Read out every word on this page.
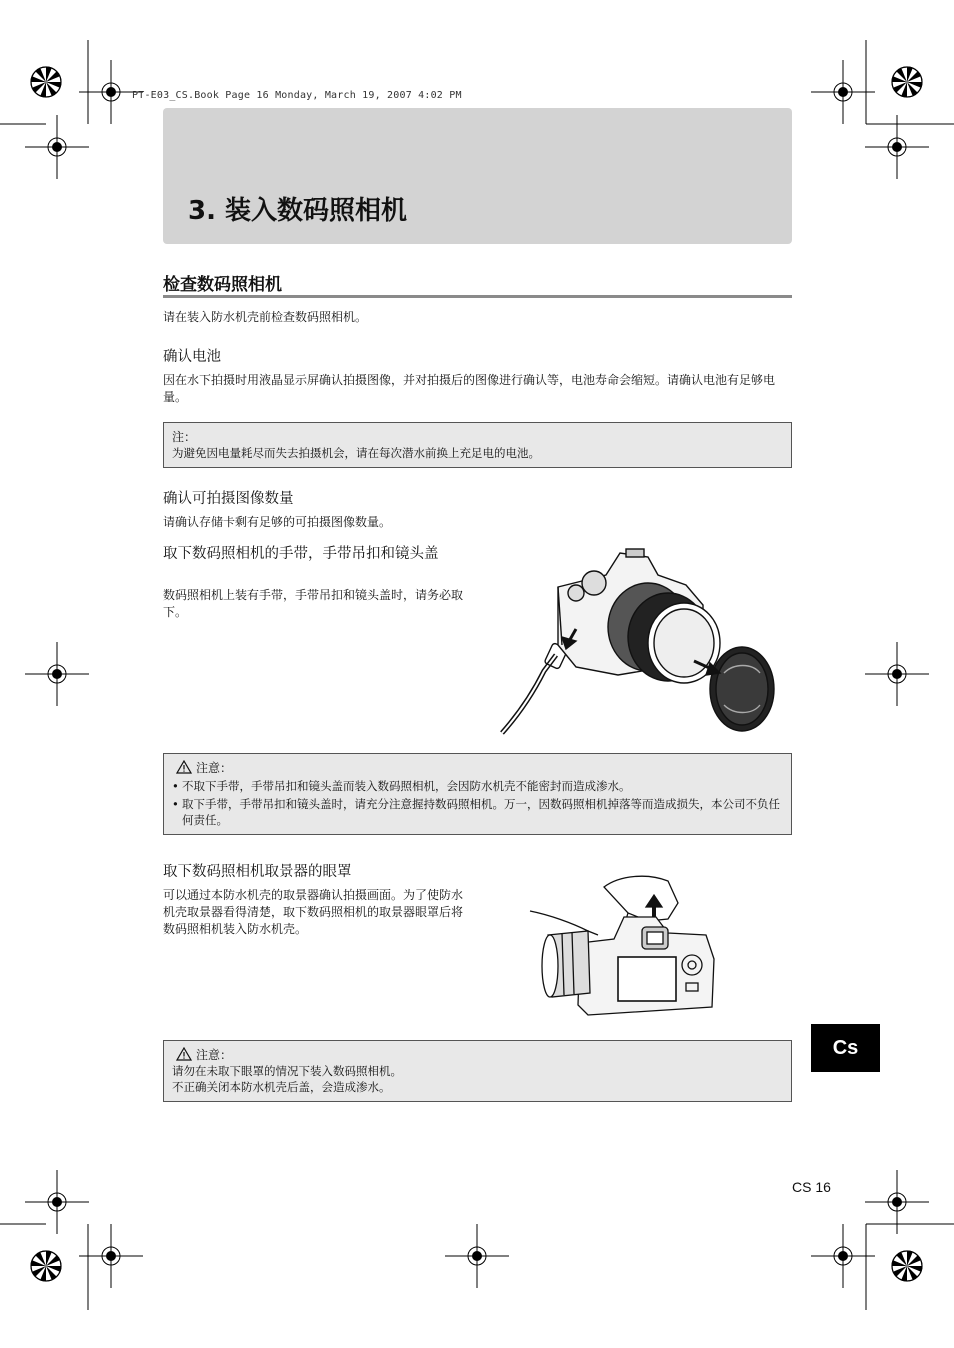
PT-E03_CS.Book Page 16 Monday, March 19, 2007 4:02 PM
3. 装入数码照相机
检查数码照相机
请在装入防水机壳前检查数码照相机。
确认电池
因在水下拍摄时用液晶显示屏确认拍摄图像，并对拍摄后的图像进行确认等，电池寿命会缩短。请确认电池有足够电量。
注：
为避免因电量耗尽而失去拍摄机会，请在每次潜水前换上充足电的电池。
确认可拍摄图像数量
请确认存储卡剩有足够的可拍摄图像数量。
取下数码照相机的手带，手带吊扣和镜头盖
数码照相机上装有手带，手带吊扣和镜头盖时，请务必取下。
注意：
• 不取下手带，手带吊扣和镜头盖而装入数码照相机，会因防水机壳不能密封而造成渗水。
• 取下手带，手带吊扣和镜头盖时，请充分注意握持数码照相机。万一，因数码照相机掉落等而造成损失，本公司不负任何责任。
取下数码照相机取景器的眼罩
可以通过本防水机壳的取景器确认拍摄画面。为了使防水机壳取景器看得清楚，取下数码照相机的取景器眼罩后将数码照相机装入防水机壳。
注意：
请勿在未取下眼罩的情况下装入数码照相机。
不正确关闭本防水机壳后盖，会造成渗水。
Cs
CS 16
